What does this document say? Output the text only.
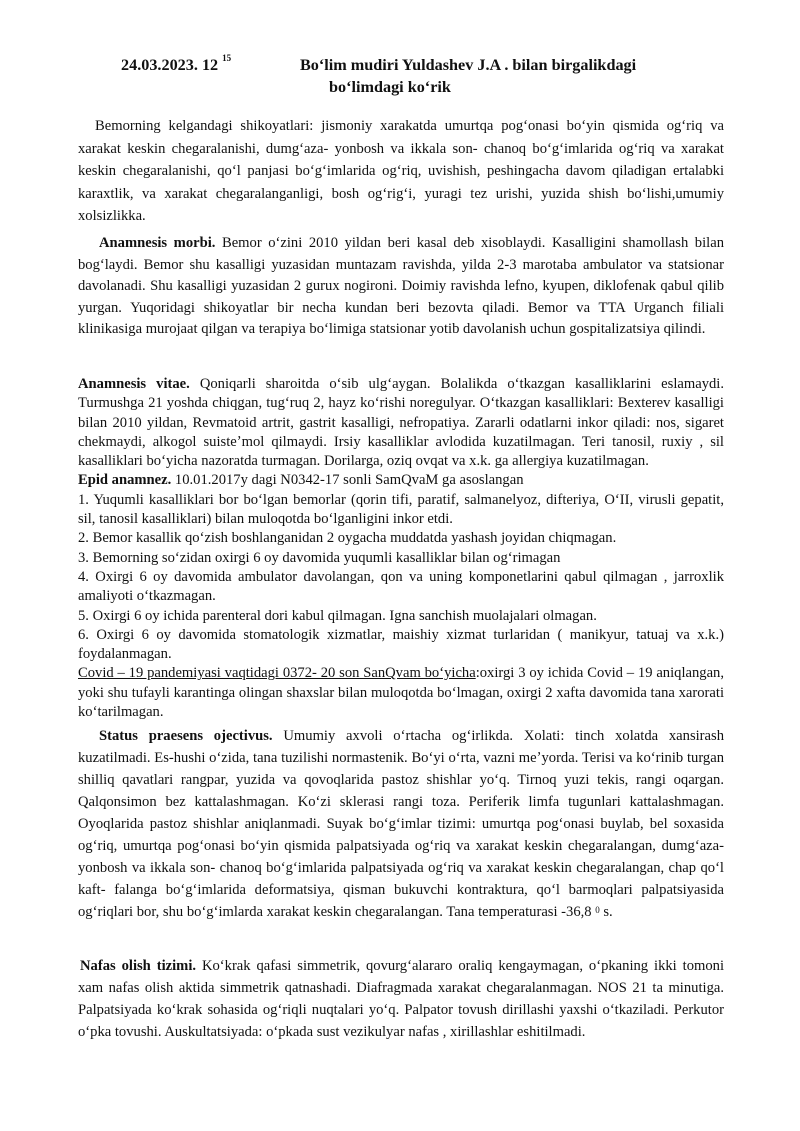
24.03.2023. 12 $^{15}$	Boʻlim mudiri Yuldashev J.A . bilan birgalikdagi
boʻlimdagi koʻrik

Bemorning kelgandagi shikoyatlari: jismoniy xarakatda umurtqa pogʻonasi boʻyin qismida ogʻriq va xarakat keskin chegaralanishi, dumgʻaza- yonbosh va ikkala son- chanoq boʻgʻimlarida ogʻriq va xarakat keskin chegaralanishi, qoʻl panjasi boʻgʻimlarida ogʻriq, uvishish, peshingacha davom qiladigan ertalabki karaxtlik, va xarakat chegaralanganligi, bosh ogʻrigʻi, yuragi tez urishi, yuzida shish boʻlishi,umumiy xolsizlikka.

Anamnesis morbi. Bemor oʻzini 2010 yildan beri kasal deb xisoblaydi. Kasalligini shamollash bilan bogʻlaydi. Bemor shu kasalligi yuzasidan muntazam ravishda, yilda 2-3 marotaba ambulator va statsionar davolanadi. Shu kasalligi yuzasidan 2 gurux nogironi. Doimiy ravishda lefno, kyupen, diklofenak qabul qilib yurgan. Yuqoridagi shikoyatlar bir necha kundan beri bezovta qiladi. Bemor va TTA Urganch filiali klinikasiga murojaat qilgan va terapiya boʻlimiga statsionar yotib davolanish uchun gospitalizatsiya qilindi.

Anamnesis vitae. Qoniqarli sharoitda oʻsib ulgʻaygan. Bolalikda oʻtkazgan kasalliklarini eslamaydi. Turmushga 21 yoshda chiqgan, tugʻruq 2, hayz koʻrishi noregulyar. Oʻtkazgan kasalliklari: Bexterev kasalligi bilan 2010 yildan, Revmatoid artrit, gastrit kasalligi, nefropatiya. Zararli odatlarni inkor qiladi: nos, sigaret chekmaydi, alkogol suisteʼmol qilmaydi. Irsiy kasalliklar avlodida kuzatilmagan. Teri tanosil, ruxiy , sil kasalliklari boʻyicha nazoratda turmagan. Dorilarga, oziq ovqat va x.k. ga allergiya kuzatilmagan.

Epid anamnez. 10.01.2017y dagi N0342-17 sonli SamQvaM ga asoslangan

1. Yuqumli kasalliklari bor boʻlgan bemorlar (qorin tifi, paratif, salmanelyoz, difteriya, OʻII, virusli gepatit, sil, tanosil kasalliklari) bilan muloqotda boʻlganligini inkor etdi.

2. Bemor kasallik qoʻzish boshlanganidan 2 oygacha muddatda yashash joyidan chiqmagan.

3. Bemorning soʻzidan oxirgi 6 oy davomida yuqumli kasalliklar bilan ogʻrimagan

4. Oxirgi 6 oy davomida ambulator davolangan, qon va uning komponetlarini qabul qilmagan , jarroxlik amaliyoti oʻtkazmagan.

5. Oxirgi 6 oy ichida parenteral dori kabul qilmagan. Igna sanchish muolajalari olmagan.

6. Oxirgi 6 oy davomida stomatologik xizmatlar, maishiy xizmat turlaridan ( manikyur, tatuaj va x.k.) foydalanmagan.

Covid – 19 pandemiyasi vaqtidagi 0372- 20 son SanQvam boʻyicha:oxirgi 3 oy ichida Covid – 19 aniqlangan, yoki shu tufayli karantinga olingan shaxslar bilan muloqotda boʻlmagan, oxirgi 2 xafta davomida tana xarorati koʻtarilmagan.

Status praesens ojectivus. Umumiy axvoli oʻrtacha ogʻirlikda. Xolati: tinch xolatda xansirash kuzatilmadi. Es-hushi oʻzida, tana tuzilishi normastenik. Boʻyi oʻrta, vazni meʼyorda. Terisi va koʻrinib turgan shilliq qavatlari rangpar, yuzida va qovoqlarida pastoz shishlar yoʻq. Tirnoq yuzi tekis, rangi oqargan. Qalqonsimon bez kattalashmagan. Koʻzi sklerasi rangi toza. Periferik limfa tugunlari kattalashmagan. Oyoqlarida pastoz shishlar aniqlanmadi. Suyak boʻgʻimlar tizimi: umurtqa pogʻonasi buylab, bel soxasida ogʻriq, umurtqa pogʻonasi boʻyin qismida palpatsiyada ogʻriq va xarakat keskin chegaralangan, dumgʻaza- yonbosh va ikkala son- chanoq boʻgʻimlarida palpatsiyada ogʻriq va xarakat keskin chegaralangan, chap qoʻl kaft- falanga boʻgʻimlarida deformatsiya, qisman bukuvchi kontraktura, qoʻl barmoqlari palpatsiyasida ogʻriqlari bor, shu boʻgʻimlarda xarakat keskin chegaralangan. Tana temperaturasi -36,8 $^0$ s.

Nafas olish tizimi. Koʻkrak qafasi simmetrik, qovurgʻalararo oraliq kengaymagan, oʻpkaning ikki tomoni xam nafas olish aktida simmetrik qatnashadi. Diafragmada xarakat chegaralanmagan. NOS 21 ta minutiga. Palpatsiyada koʻkrak sohasida ogʻriqli nuqtalari yoʻq. Palpator tovush dirillashi yaxshi oʻtkaziladi. Perkutor oʻpka tovushi. Auskultatsiyada: oʻpkada sust vezikulyar nafas , xirillashlar eshitilmadi.
